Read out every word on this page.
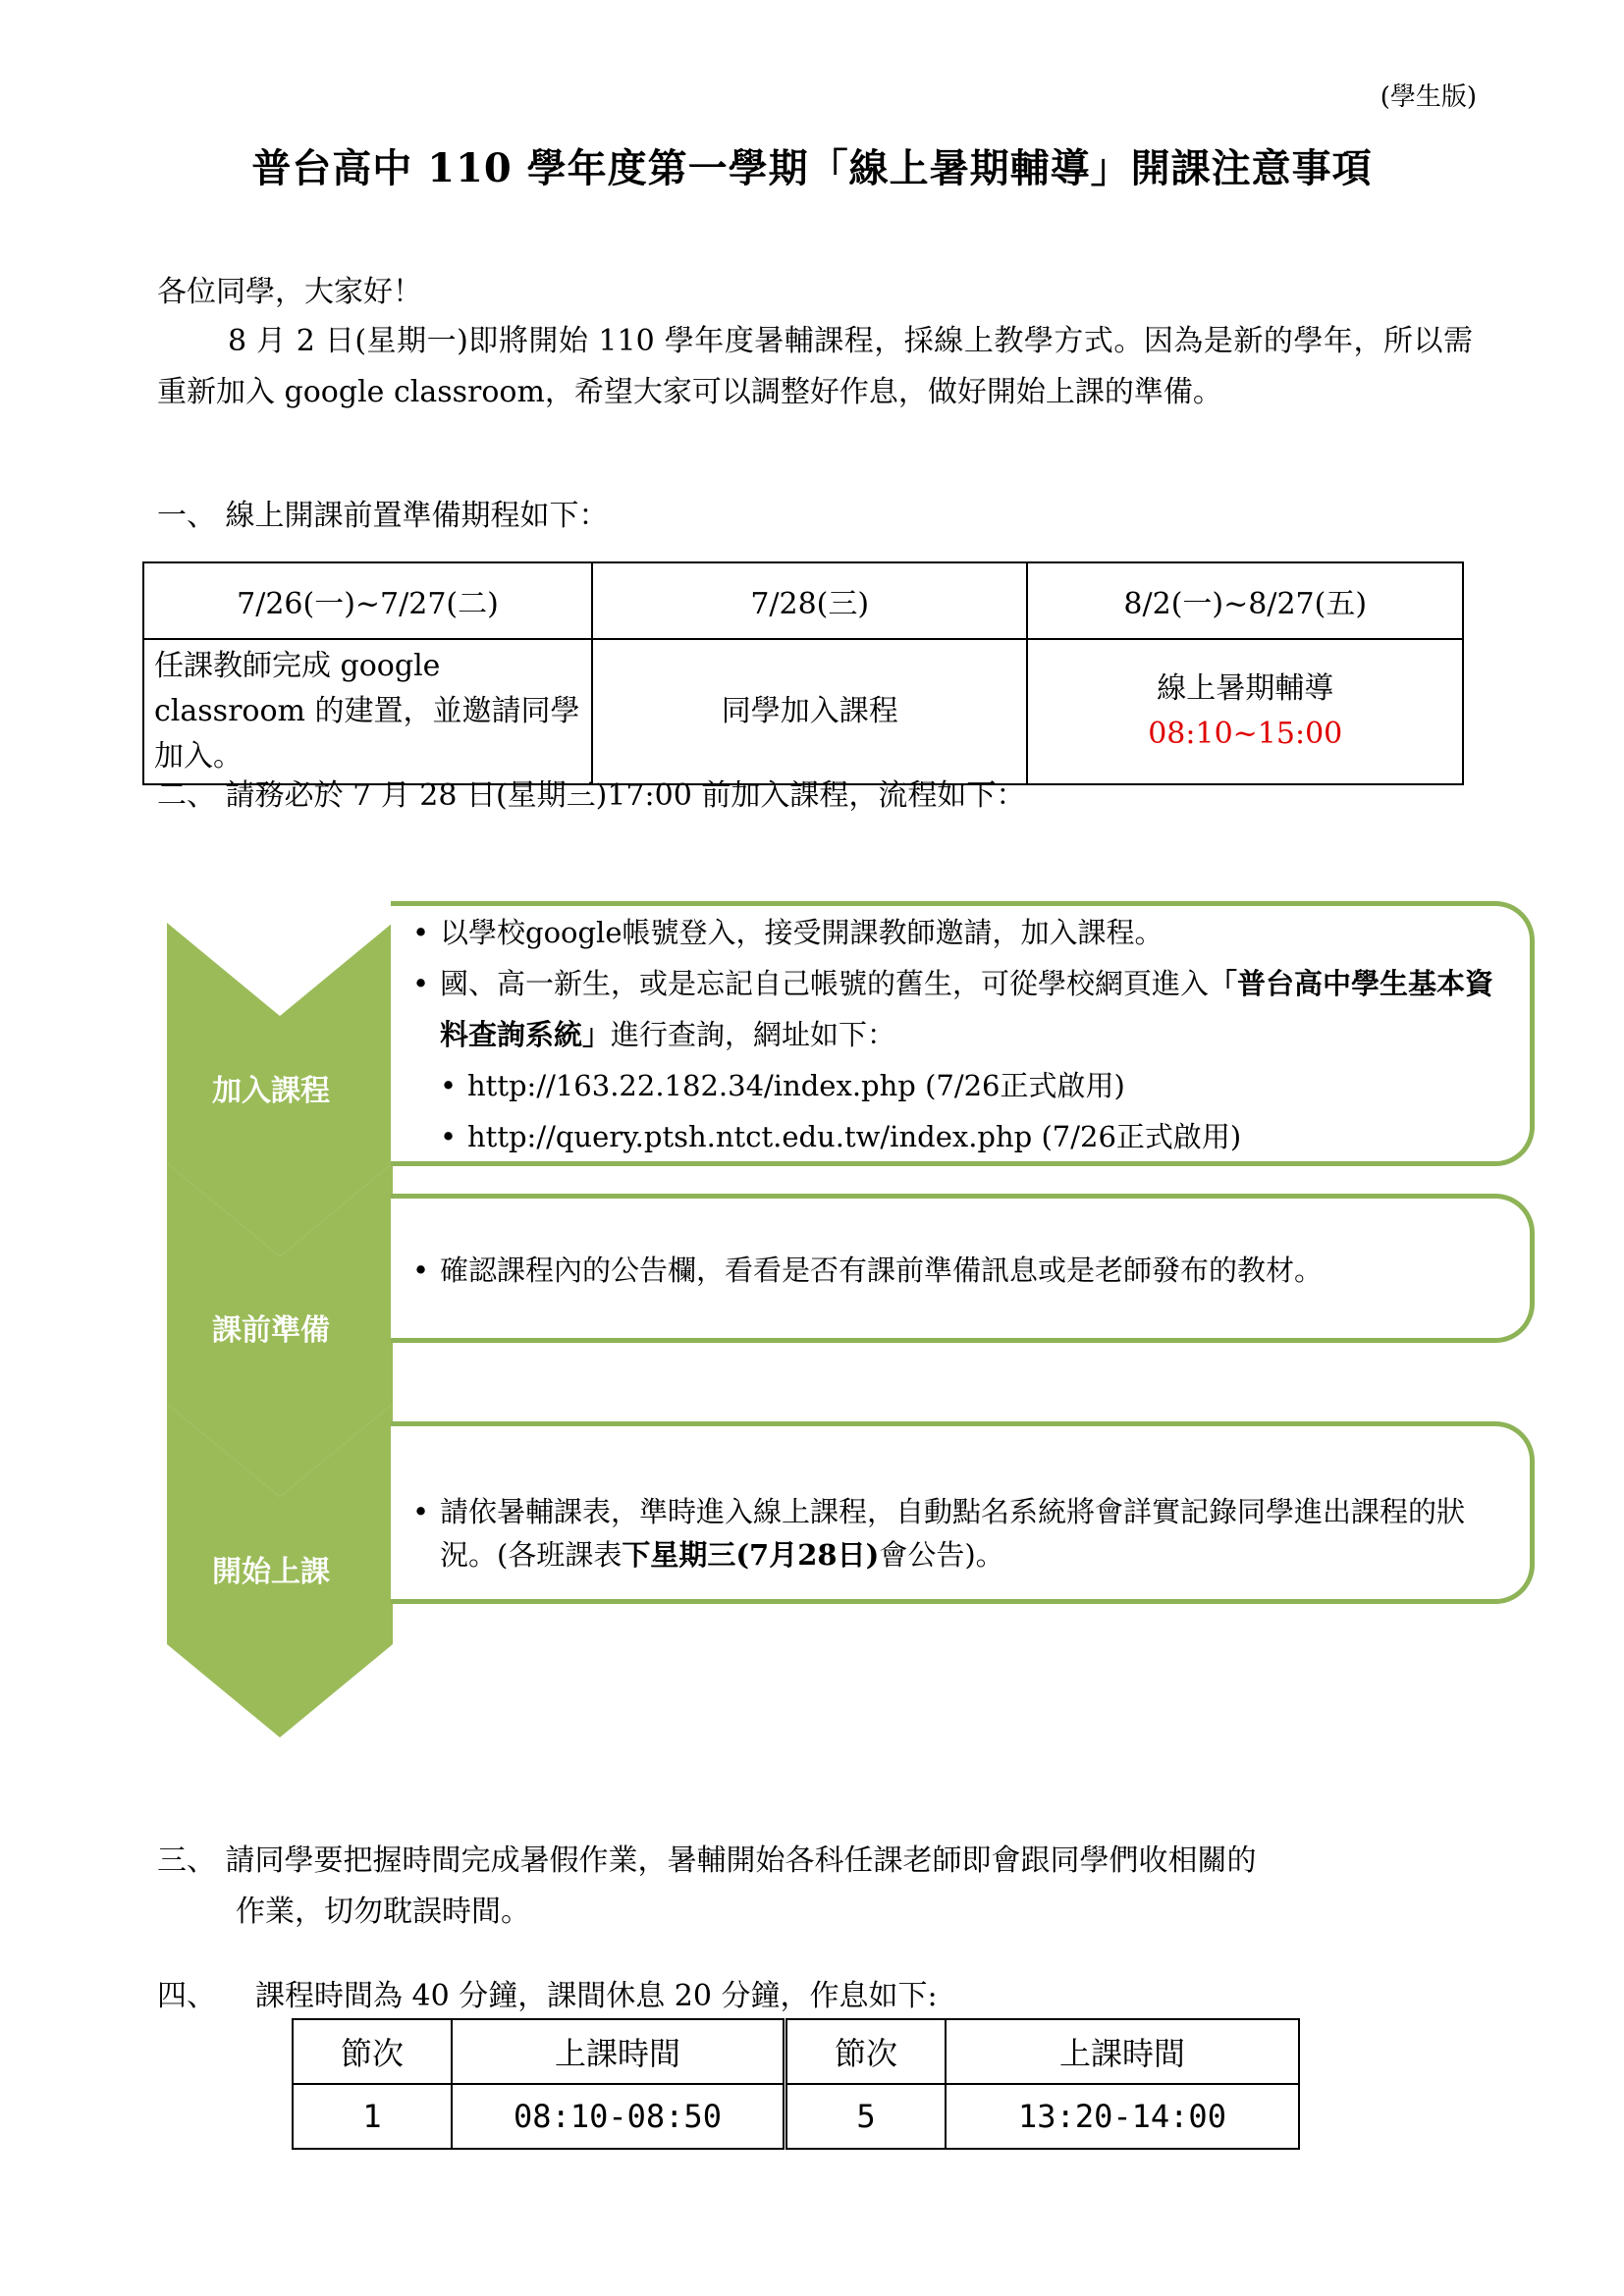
(學生版)
普台高中 110 學年度第一學期「線上暑期輔導」開課注意事項
各位同學，大家好！
8 月 2 日(星期一)即將開始 110 學年度暑輔課程，採線上教學方式。因為是新的學年，所以需重新加入 google classroom，希望大家可以調整好作息，做好開始上課的準備。
一、 線上開課前置準備期程如下：
7/26(一)~7/27(二)	7/28(三)	8/2(一)~8/27(五)
任課教師完成 google classroom 的建置，並邀請同學加入。	同學加入課程	線上暑期輔導
08:10~15:00
二、 請務必於 7 月 28 日(星期三)17:00 前加入課程，流程如下：
加入課程
課前準備
開始上課
• 以學校google帳號登入，接受開課教師邀請，加入課程。
• 國、高一新生，或是忘記自己帳號的舊生，可從學校網頁進入「普台高中學生基本資料查詢系統」進行查詢，網址如下：
• http://163.22.182.34/index.php (7/26正式啟用)
• http://query.ptsh.ntct.edu.tw/index.php (7/26正式啟用)
• 確認課程內的公告欄，看看是否有課前準備訊息或是老師發布的教材。
• 請依暑輔課表，準時進入線上課程，自動點名系統將會詳實記錄同學進出課程的狀況。(各班課表下星期三(7月28日)會公告)。
三、 請同學要把握時間完成暑假作業，暑輔開始各科任課老師即會跟同學們收相關的
作業，切勿耽誤時間。
四、 課程時間為 40 分鐘，課間休息 20 分鐘，作息如下:
節次	上課時間	節次	上課時間
1	08:10-08:50	5	13:20-14:00
